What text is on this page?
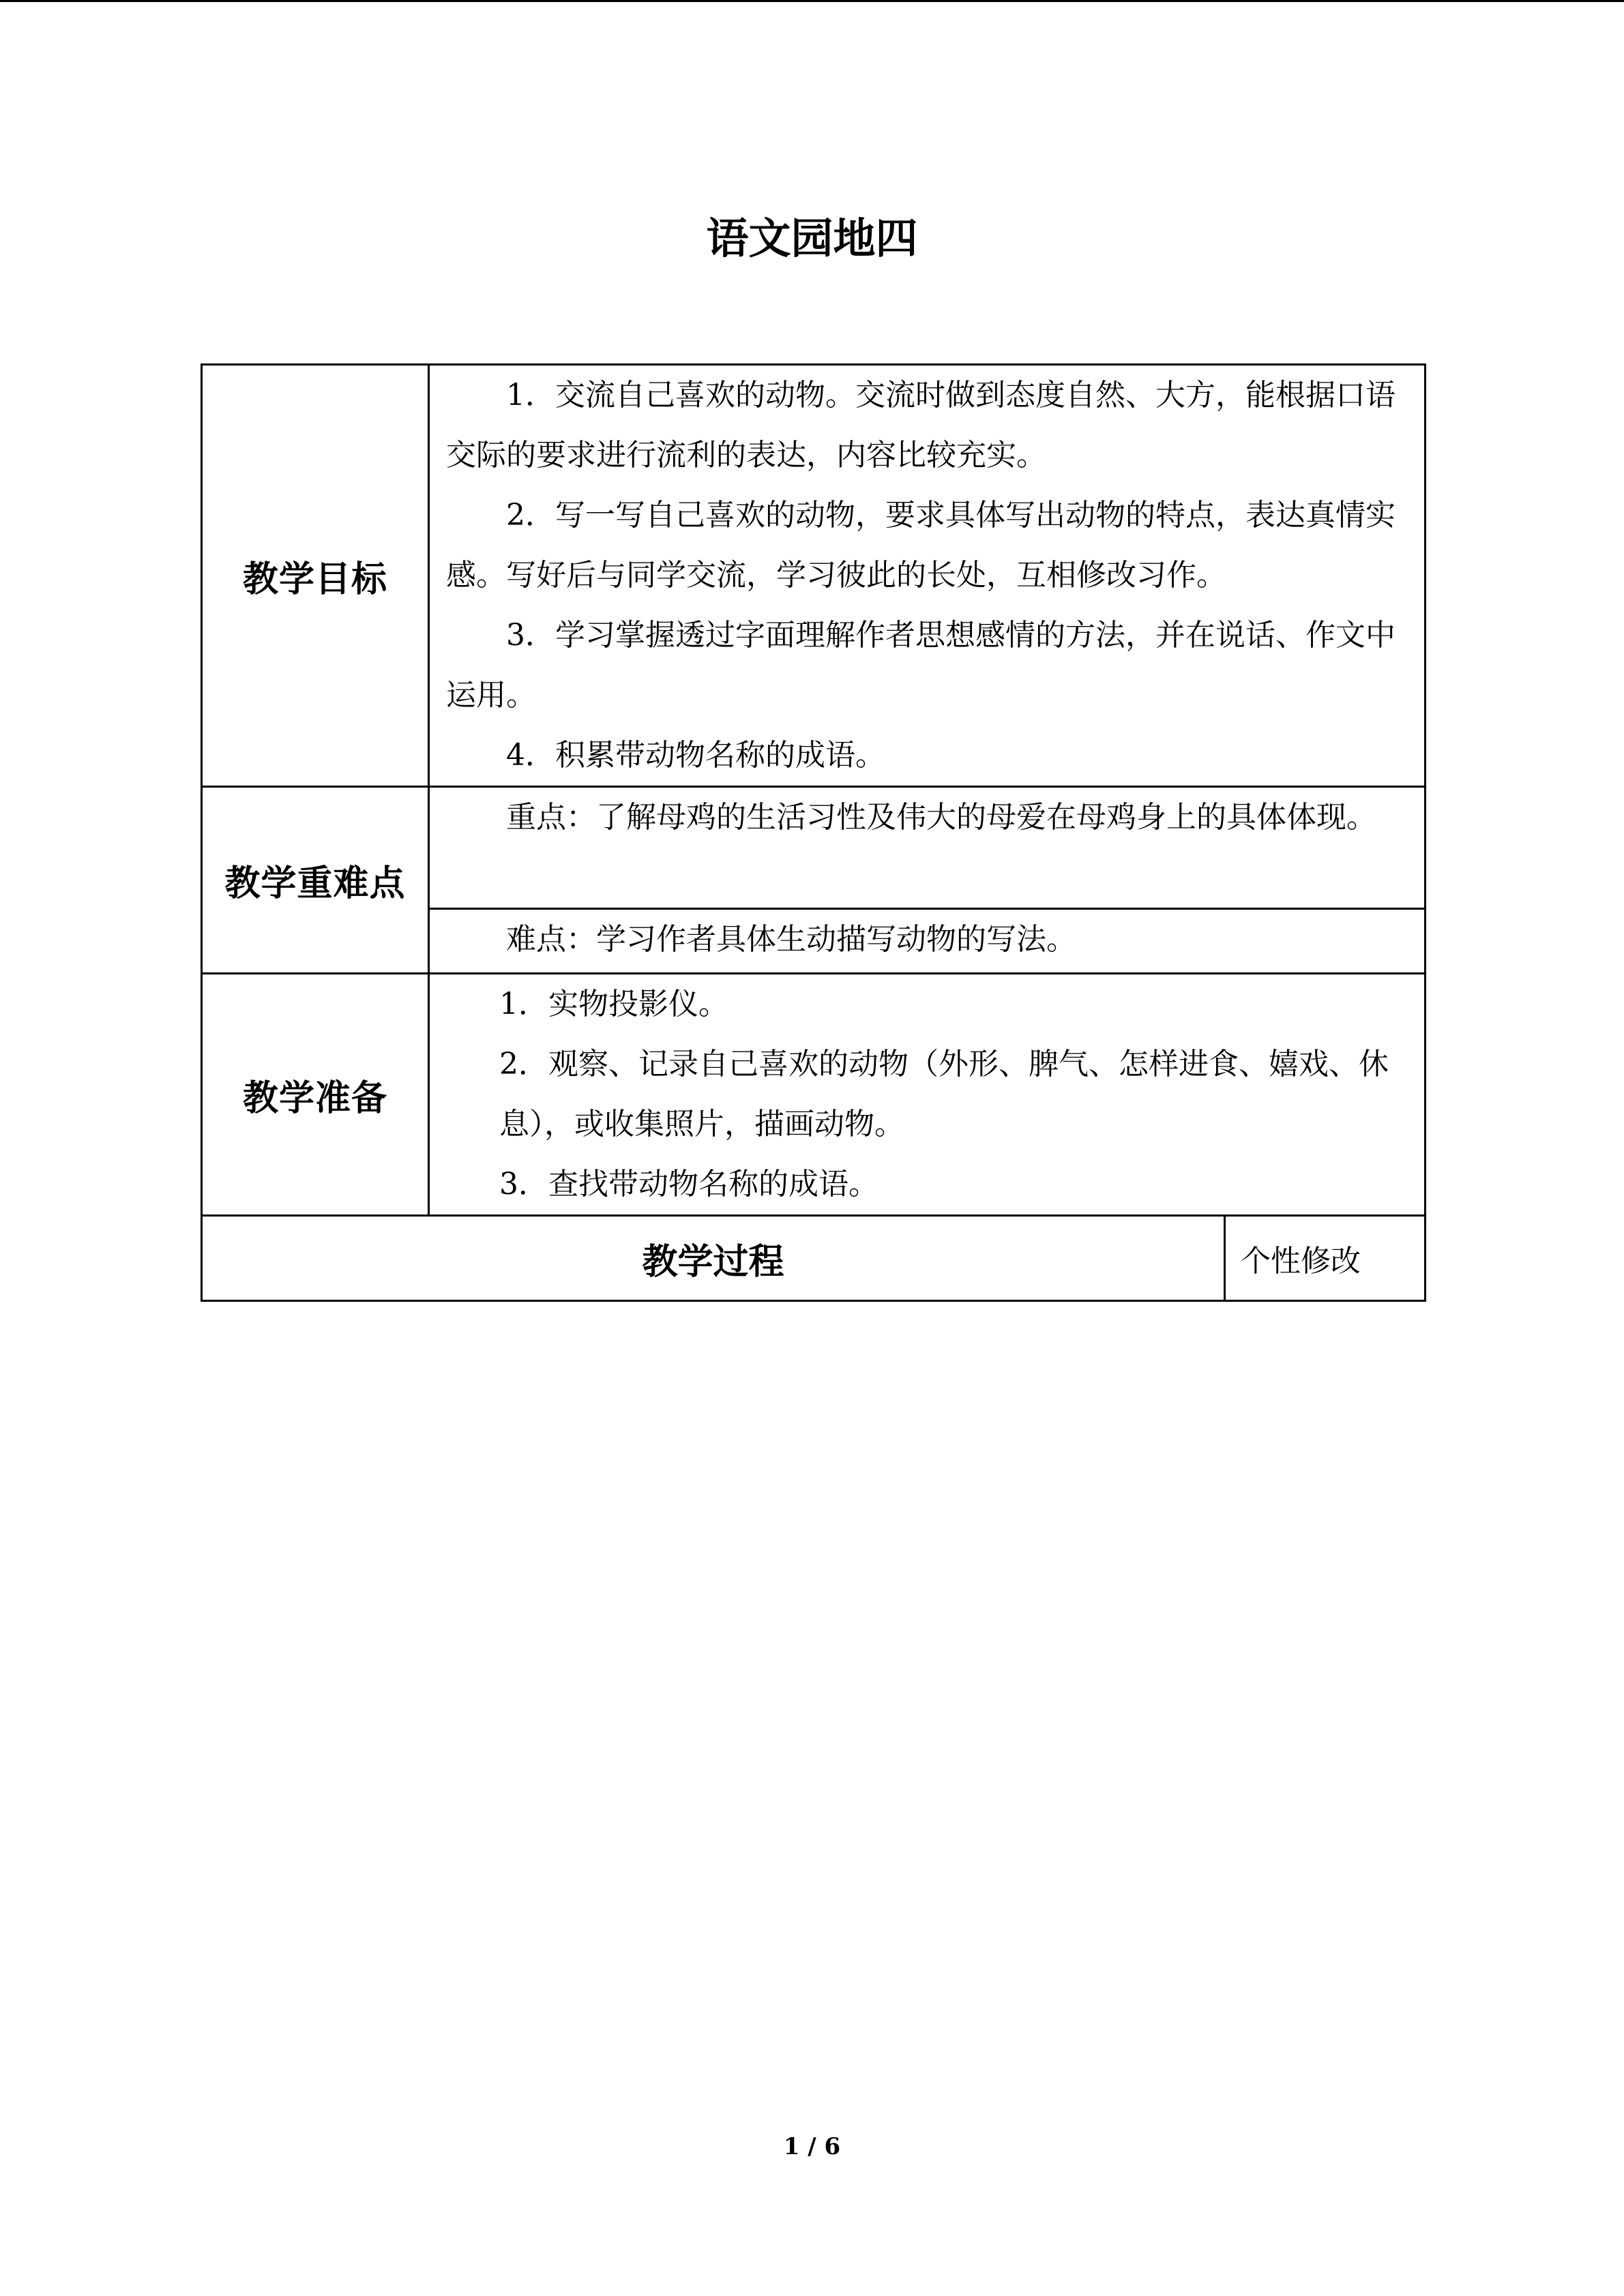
语文园地四
教学目标	1．交流自己喜欢的动物。交流时做到态度自然、大方，能根据口语交际的要求进行流利的表达，内容比较充实。

2．写一写自己喜欢的动物，要求具体写出动物的特点，表达真情实感。写好后与同学交流，学习彼此的长处，互相修改习作。

3．学习掌握透过字面理解作者思想感情的方法，并在说话、作文中运用。

4．积累带动物名称的成语。	

教学重难点	重点：了解母鸡的生活习性及伟大的母爱在母鸡身上的具体体现。	

	难点：学习作者具体生动描写动物的写法。	

教学准备	1．实物投影仪。

2．观察、记录自己喜欢的动物（外形、脾气、怎样进食、嬉戏、休息），或收集照片，描画动物。

3．查找带动物名称的成语。	

教学过程		个性修改
1 / 6
